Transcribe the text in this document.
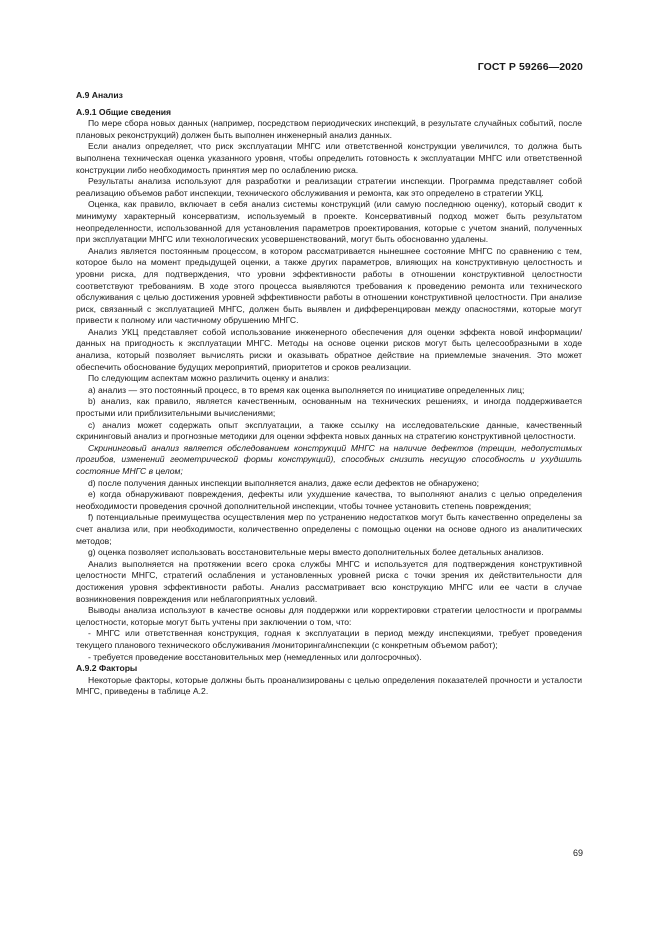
ГОСТ Р 59266—2020
А.9 Анализ
А.9.1 Общие сведения

По мере сбора новых данных (например, посредством периодических инспекций, в результате случайных событий, после плановых реконструкций) должен быть выполнен инженерный анализ данных.

Если анализ определяет, что риск эксплуатации МНГС или ответственной конструкции увеличился, то должна быть выполнена техническая оценка указанного уровня, чтобы определить готовность к эксплуатации МНГС или ответственной конструкции либо необходимость принятия мер по ослаблению риска.

Результаты анализа используют для разработки и реализации стратегии инспекции. Программа представляет собой реализацию объемов работ инспекции, технического обслуживания и ремонта, как это определено в стратегии УКЦ.

Оценка, как правило, включает в себя анализ системы конструкций (или самую последнюю оценку), который сводит к минимуму характерный консерватизм, используемый в проекте. Консервативный подход может быть результатом неопределенности, использованной для установления параметров проектирования, которые с учетом знаний, полученных при эксплуатации МНГС или технологических усовершенствований, могут быть обоснованно удалены.

Анализ является постоянным процессом, в котором рассматривается нынешнее состояние МНГС по сравнению с тем, которое было на момент предыдущей оценки, а также других параметров, влияющих на конструктивную целостность и уровни риска, для подтверждения, что уровни эффективности работы в отношении конструктивной целостности соответствуют требованиям. В ходе этого процесса выявляются требования к проведению ремонта или технического обслуживания с целью достижения уровней эффективности работы в отношении конструктивной целостности. При анализе риск, связанный с эксплуатацией МНГС, должен быть выявлен и дифференцирован между опасностями, которые могут привести к полному или частичному обрушению МНГС.

Анализ УКЦ представляет собой использование инженерного обеспечения для оценки эффекта новой информации/данных на пригодность к эксплуатации МНГС. Методы на основе оценки рисков могут быть целесообразными в ходе анализа, который позволяет вычислять риски и оказывать обратное действие на приемлемые значения. Это может обеспечить обоснование будущих мероприятий, приоритетов и сроков реализации.

По следующим аспектам можно различить оценку и анализ:

a) анализ — это постоянный процесс, в то время как оценка выполняется по инициативе определенных лиц;

b) анализ, как правило, является качественным, основанным на технических решениях, и иногда поддерживается простыми или приблизительными вычислениями;

c) анализ может содержать опыт эксплуатации, а также ссылку на исследовательские данные, качественный скрининговый анализ и прогнозные методики для оценки эффекта новых данных на стратегию конструктивной целостности.

Скрининговый анализ является обследованием конструкций МНГС на наличие дефектов (трещин, недопустимых прогибов, изменений геометрической формы конструкций), способных снизить несущую способность и ухудшить состояние МНГС в целом;

d) после получения данных инспекции выполняется анализ, даже если дефектов не обнаружено;

e) когда обнаруживают повреждения, дефекты или ухудшение качества, то выполняют анализ с целью определения необходимости проведения срочной дополнительной инспекции, чтобы точнее установить степень повреждения;

f) потенциальные преимущества осуществления мер по устранению недостатков могут быть качественно определены за счет анализа или, при необходимости, количественно определены с помощью оценки на основе одного из аналитических методов;

g) оценка позволяет использовать восстановительные меры вместо дополнительных более детальных анализов.

Анализ выполняется на протяжении всего срока службы МНГС и используется для подтверждения конструктивной целостности МНГС, стратегий ослабления и установленных уровней риска с точки зрения их действительности для достижения уровня эффективности работы. Анализ рассматривает всю конструкцию МНГС или ее части в случае возникновения повреждения или неблагоприятных условий.

Выводы анализа используют в качестве основы для поддержки или корректировки стратегии целостности и программы целостности, которые могут быть учтены при заключении о том, что:

- МНГС или ответственная конструкция, годная к эксплуатации в период между инспекциями, требует проведения текущего планового технического обслуживания /мониторинга/инспекции (с конкретным объемом работ);

- требуется проведение восстановительных мер (немедленных или долгосрочных).

А.9.2 Факторы

Некоторые факторы, которые должны быть проанализированы с целью определения показателей прочности и усталости МНГС, приведены в таблице А.2.

69
